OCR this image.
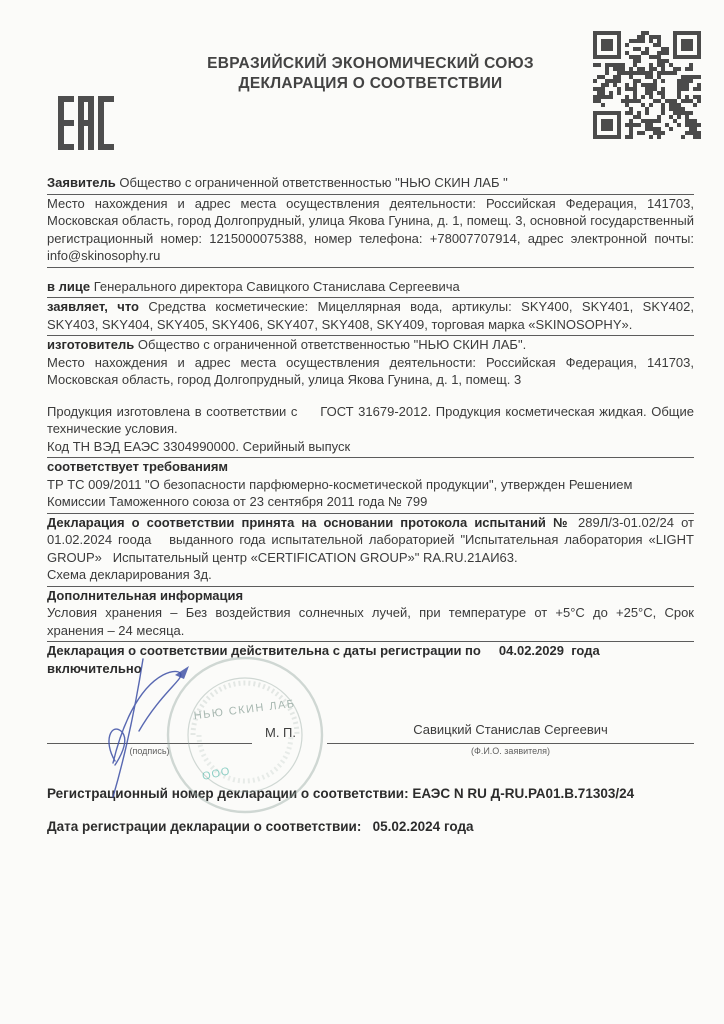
ЕВРАЗИЙСКИЙ ЭКОНОМИЧЕСКИЙ СОЮЗ
ДЕКЛАРАЦИЯ О СООТВЕТСТВИИ

Заявитель Общество с ограниченной ответственностью "НЬЮ СКИН ЛАБ "

Место нахождения и адрес места осуществления деятельности: Российская Федерация, 141703, Московская область, город Долгопрудный, улица Якова Гунина, д. 1, помещ. 3, основной государственный регистрационный номер: 1215000075388, номер телефона: +78007707914, адрес электронной почты: info@skinosophy.ru

в лице Генерального директора Савицкого Станислава Сергеевича

заявляет, что Средства косметические: Мицеллярная вода, артикулы: SKY400, SKY401, SKY402, SKY403, SKY404, SKY405, SKY406, SKY407, SKY408, SKY409, торговая марка «SKINOSOPHY».

изготовитель Общество с ограниченной ответственностью "НЬЮ СКИН ЛАБ".

Место нахождения и адрес места осуществления деятельности: Российская Федерация, 141703, Московская область, город Долгопрудный, улица Якова Гунина, д. 1, помещ. 3

Продукция изготовлена в соответствии с     ГОСТ 31679-2012. Продукция косметическая жидкая. Общие технические условия.

Код ТН ВЭД ЕАЭС 3304990000. Серийный выпуск

соответствует требованиям

ТР ТС 009/2011 "О безопасности парфюмерно-косметической продукции", утвержден Решением Комиссии Таможенного союза от 23 сентября 2011 года № 799

Декларация о соответствии принята на основании протокола испытаний № 289Л/3-01.02/24 от 01.02.2024 гоода   выданного года испытательной лабораторией "Испытательная лаборатория «LIGHT GROUP»   Испытательный центр «CERTIFICATION GROUP»" RA.RU.21АИ63.

Схема декларирования 3д.

Дополнительная информация

Условия хранения – Без воздействия солнечных лучей, при температуре от +5°С до +25°С, Срок хранения – 24 месяца.

Декларация о соответствии действительна с даты регистрации по     04.02.2029  года включительно

НЬЮ СКИН ЛАБ
ООО
(подпись)
М. П.	Савицкий Станислав Сергеевич
(Ф.И.О. заявителя)

Регистрационный номер декларации о соответствии: ЕАЭС N RU Д-RU.РА01.В.71303/24

Дата регистрации декларации о соответствии: 05.02.2024 года
